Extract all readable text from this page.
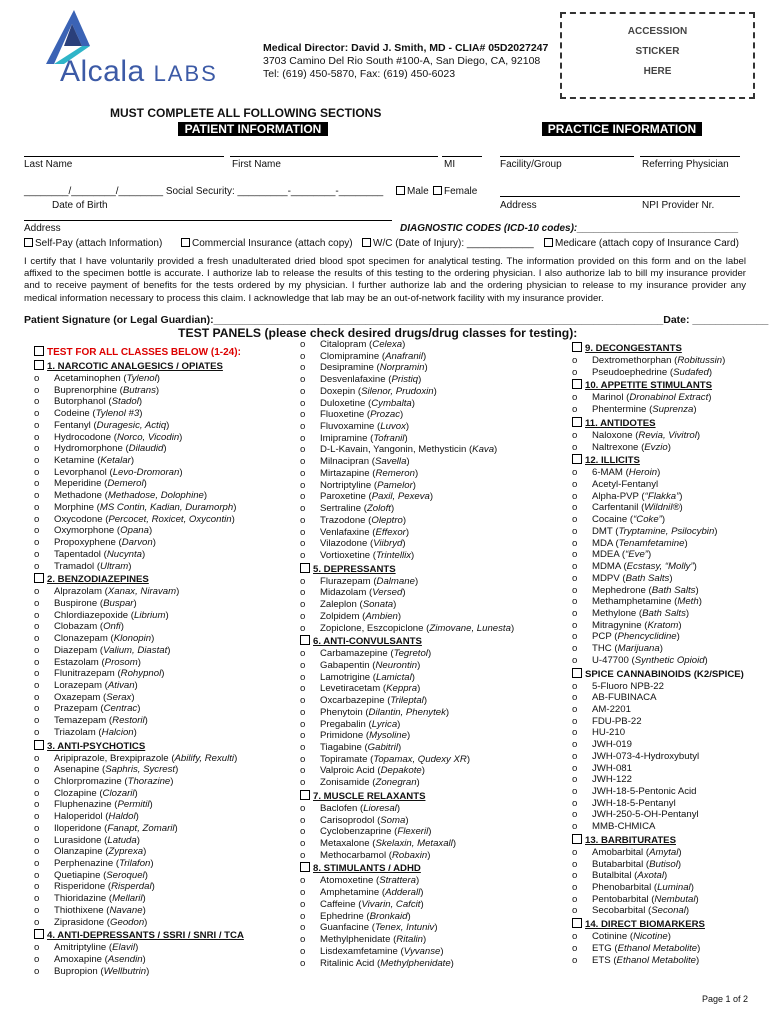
Alcala LABS
Medical Director: David J. Smith, MD - CLIA# 05D2027247
3703 Camino Del Rio South #100-A, San Diego, CA, 92108
Tel: (619) 450-5870, Fax: (619) 450-6023
ACCESSION
STICKER
HERE
MUST COMPLETE ALL FOLLOWING SECTIONS
PATIENT INFORMATION	PRACTICE INFORMATION
Last Name	First Name	MI	Facility/Group	Referring Physician
________/________/________ Social Security: _________-________-________	Male	Female
Date of Birth	Address	NPI Provider Nr.
Address	DIAGNOSTIC CODES (ICD-10 codes):_____________________________
Self-Pay (attach Information)	Commercial Insurance (attach copy)	W/C (Date of Injury): ____________	Medicare (attach copy of Insurance Card)
I certify that I have voluntarily provided a fresh unadulterated dried blood spot specimen for analytical testing. The information provided on this form and on the label affixed to the specimen bottle is accurate. I authorize lab to release the results of this testing to the ordering physician. I also authorize lab to bill my insurance provider and to receive payment of benefits for the tests ordered by my physician. I further authorize lab and the ordering physician to release to my insurance provider any medical information necessary to process this claim. I acknowledge that lab may be an out-of-network facility with my insurance provider.
Patient Signature (or Legal Guardian):_____________________________________________________________________________Date: _____________
TEST PANELS (please check desired drugs/drug classes for testing):
TEST FOR ALL CLASSES BELOW (1-24):
1. NARCOTIC ANALGESICS / OPIATES
o Acetaminophen (Tylenol)
o Buprenorphine (Butrans)
o Butorphanol (Stadol)
o Codeine (Tylenol #3)
o Fentanyl (Duragesic, Actiq)
o Hydrocodone (Norco, Vicodin)
o Hydromorphone (Dilaudid)
o Ketamine (Ketalar)
o Levorphanol (Levo-Dromoran)
o Meperidine (Demerol)
o Methadone (Methadose, Dolophine)
o Morphine (MS Contin, Kadian, Duramorph)
o Oxycodone (Percocet, Roxicet, Oxycontin)
o Oxymorphone (Opana)
o Propoxyphene (Darvon)
o Tapentadol (Nucynta)
o Tramadol (Ultram)
2. BENZODIAZEPINES
o Alprazolam (Xanax, Niravam)
o Buspirone (Buspar)
o Chlordiazepoxide (Librium)
o Clobazam (Onfi)
o Clonazepam (Klonopin)
o Diazepam (Valium, Diastat)
o Estazolam (Prosom)
o Flunitrazepam (Rohypnol)
o Lorazepam (Ativan)
o Oxazepam (Serax)
o Prazepam (Centrac)
o Temazepam (Restoril)
o Triazolam (Halcion)
3. ANTI-PSYCHOTICS
o Aripiprazole, Brexpiprazole (Abilify, Rexulti)
o Asenapine (Saphris, Sycrest)
o Chlorpromazine (Thorazine)
o Clozapine (Clozaril)
o Fluphenazine (Permitil)
o Haloperidol (Haldol)
o Iloperidone (Fanapt, Zomaril)
o Lurasidone (Latuda)
o Olanzapine (Zyprexa)
o Perphenazine (Trilafon)
o Quetiapine (Seroquel)
o Risperidone (Risperdal)
o Thioridazine (Mellaril)
o Thiothixene (Navane)
o Ziprasidone (Geodon)
4. ANTI-DEPRESSANTS / SSRI / SNRI / TCA
o Amitriptyline (Elavil)
o Amoxapine (Asendin)
o Bupropion (Wellbutrin)
o Citalopram (Celexa)
o Clomipramine (Anafranil)
o Desipramine (Norpramin)
o Desvenlafaxine (Pristiq)
o Doxepin (Silenor, Prudoxin)
o Duloxetine (Cymbalta)
o Fluoxetine (Prozac)
o Fluvoxamine (Luvox)
o Imipramine (Tofranil)
o D-L-Kavain, Yangonin, Methysticin (Kava)
o Milnacipran (Savella)
o Mirtazapine (Remeron)
o Nortriptyline (Pamelor)
o Paroxetine (Paxil, Pexeva)
o Sertraline (Zoloft)
o Trazodone (Oleptro)
o Venlafaxine (Effexor)
o Vilazodone (Viibryd)
o Vortioxetine (Trintellix)
5. DEPRESSANTS
o Flurazepam (Dalmane)
o Midazolam (Versed)
o Zaleplon (Sonata)
o Zolpidem (Ambien)
o Zopiclone, Eszcopiclone (Zimovane, Lunesta)
6. ANTI-CONVULSANTS
o Carbamazepine (Tegretol)
o Gabapentin (Neurontin)
o Lamotrigine (Lamictal)
o Levetiracetam (Keppra)
o Oxcarbazepine (Trileptal)
o Phenytoin (Dilantin, Phenytek)
o Pregabalin (Lyrica)
o Primidone (Mysoline)
o Tiagabine (Gabitril)
o Topiramate (Topamax, Qudexy XR)
o Valproic Acid (Depakote)
o Zonisamide (Zonegran)
7. MUSCLE RELAXANTS
o Baclofen (Lioresal)
o Carisoprodol (Soma)
o Cyclobenzaprine (Flexeril)
o Metaxalone (Skelaxin, Metaxall)
o Methocarbamol (Robaxin)
8. STIMULANTS / ADHD
o Atomoxetine (Strattera)
o Amphetamine (Adderall)
o Caffeine (Vivarin, Cafcit)
o Ephedrine (Bronkaid)
o Guanfacine (Tenex, Intuniv)
o Methylphenidate (Ritalin)
o Lisdexamfetamine (Vyvanse)
o Ritalinic Acid (Methylphenidate)
9. DECONGESTANTS
o Dextromethorphan (Robitussin)
o Pseudoephedrine (Sudafed)
10. APPETITE STIMULANTS
o Marinol (Dronabinol Extract)
o Phentermine (Suprenza)
11. ANTIDOTES
o Naloxone (Revia, Vivitrol)
o Naltrexone (Evzio)
12. ILLICITS
o 6-MAM (Heroin)
o Acetyl-Fentanyl
o Alpha-PVP (“Flakka”)
o Carfentanil (Wildnil®)
o Cocaine (“Coke”)
o DMT (Tryptamine, Psilocybin)
o MDA (Tenamfetamine)
o MDEA (“Eve”)
o MDMA (Ecstasy, “Molly”)
o MDPV (Bath Salts)
o Mephedrone (Bath Salts)
o Methamphetamine (Meth)
o Methylone (Bath Salts)
o Mitragynine (Kratom)
o PCP (Phencyclidine)
o THC (Marijuana)
o U-47700 (Synthetic Opioid)
SPICE CANNABINOIDS (K2/SPICE)
o 5-Fluoro NPB-22
o AB-FUBINACA
o AM-2201
o FDU-PB-22
o HU-210
o JWH-019
o JWH-073-4-Hydroxybutyl
o JWH-081
o JWH-122
o JWH-18-5-Pentonic Acid
o JWH-18-5-Pentanyl
o JWH-250-5-OH-Pentanyl
o MMB-CHMICA
13. BARBITURATES
o Amobarbital (Amytal)
o Butabarbital (Butisol)
o Butalbital (Axotal)
o Phenobarbital (Luminal)
o Pentobarbital (Nembutal)
o Secobarbital (Seconal)
14. DIRECT BIOMARKERS
o Cotinine (Nicotine)
o ETG (Ethanol Metabolite)
o ETS (Ethanol Metabolite)
Page 1 of 2
